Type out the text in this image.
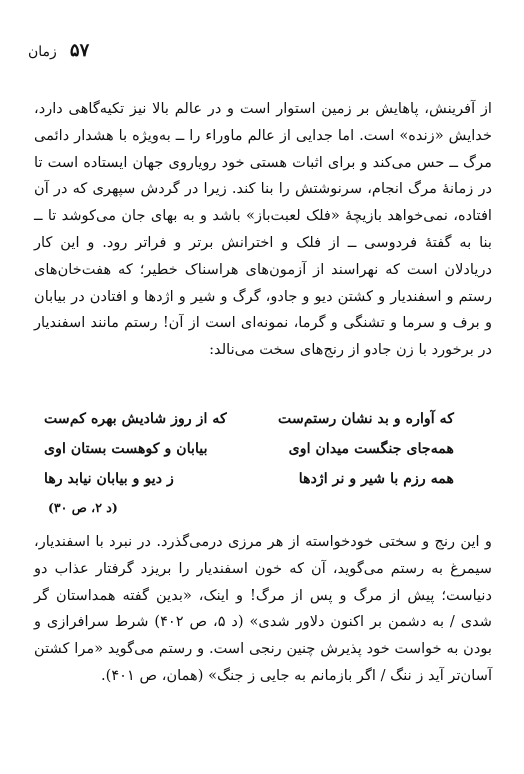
۵۷ زمان

از آفرینش، پاهایش بر زمین استوار است و در عالم بالا نیز تکیه‌گاهی دارد، خدایش «زنده» است. اما جدایی از عالم ماوراء را ــ به‌ویژه با هشدار دائمی مرگ ــ حس می‌کند و برای اثبات هستی خود رویاروی جهان ایستاده است تا در زمانهٔ مرگ انجام، سرنوشتش را بنا کند. زیرا در گردش سپهری که در آن افتاده، نمی‌خواهد بازیچهٔ «فلک لعبت‌باز» باشد و به بهای جان می‌کوشد تا ــ بنا به گفتهٔ فردوسی ــ از فلک و اخترانش برتر و فراتر رود. و این کار دریادلان است که نهراسند از آزمون‌های هراسناک خطیر؛ که هفت‌خان‌های رستم و اسفندیار و کشتن دیو و جادو، گرگ و شیر و اژدها و افتادن در بیابان و برف و سرما و تشنگی و گرما، نمونه‌ای است از آن! رستم مانند اسفندیار در برخورد با زن جادو از رنج‌های سخت می‌نالد:

که آواره و بد نشان رستم‌ست
که از روز شادیش بهره کم‌ست
همه‌جای جنگست میدان اوی
بیابان و کوهست بستان اوی
همه رزم با شیر و نر اژدها
ز دیو و بیابان نیابد رها
(د ۲، ص ۳۰)

و این رنج و سختی خودخواسته از هر مرزی درمی‌گذرد. در نبرد با اسفندیار، سیمرغ به رستم می‌گوید، آن که خون اسفندیار را بریزد گرفتار عذاب دو دنیاست؛ پیش از مرگ و پس از مرگ! و اینک، «بدین گفته همداستان گر شدی / به دشمن بر اکنون دلاور شدی» (د ۵، ص ۴۰۲) شرط سرافرازی و بودن به خواست خود پذیرش چنین رنجی است. و رستم می‌گوید «مرا کشتن آسان‌تر آید ز ننگ / اگر بازمانم به جایی ز جنگ» (همان، ص ۴۰۱).
